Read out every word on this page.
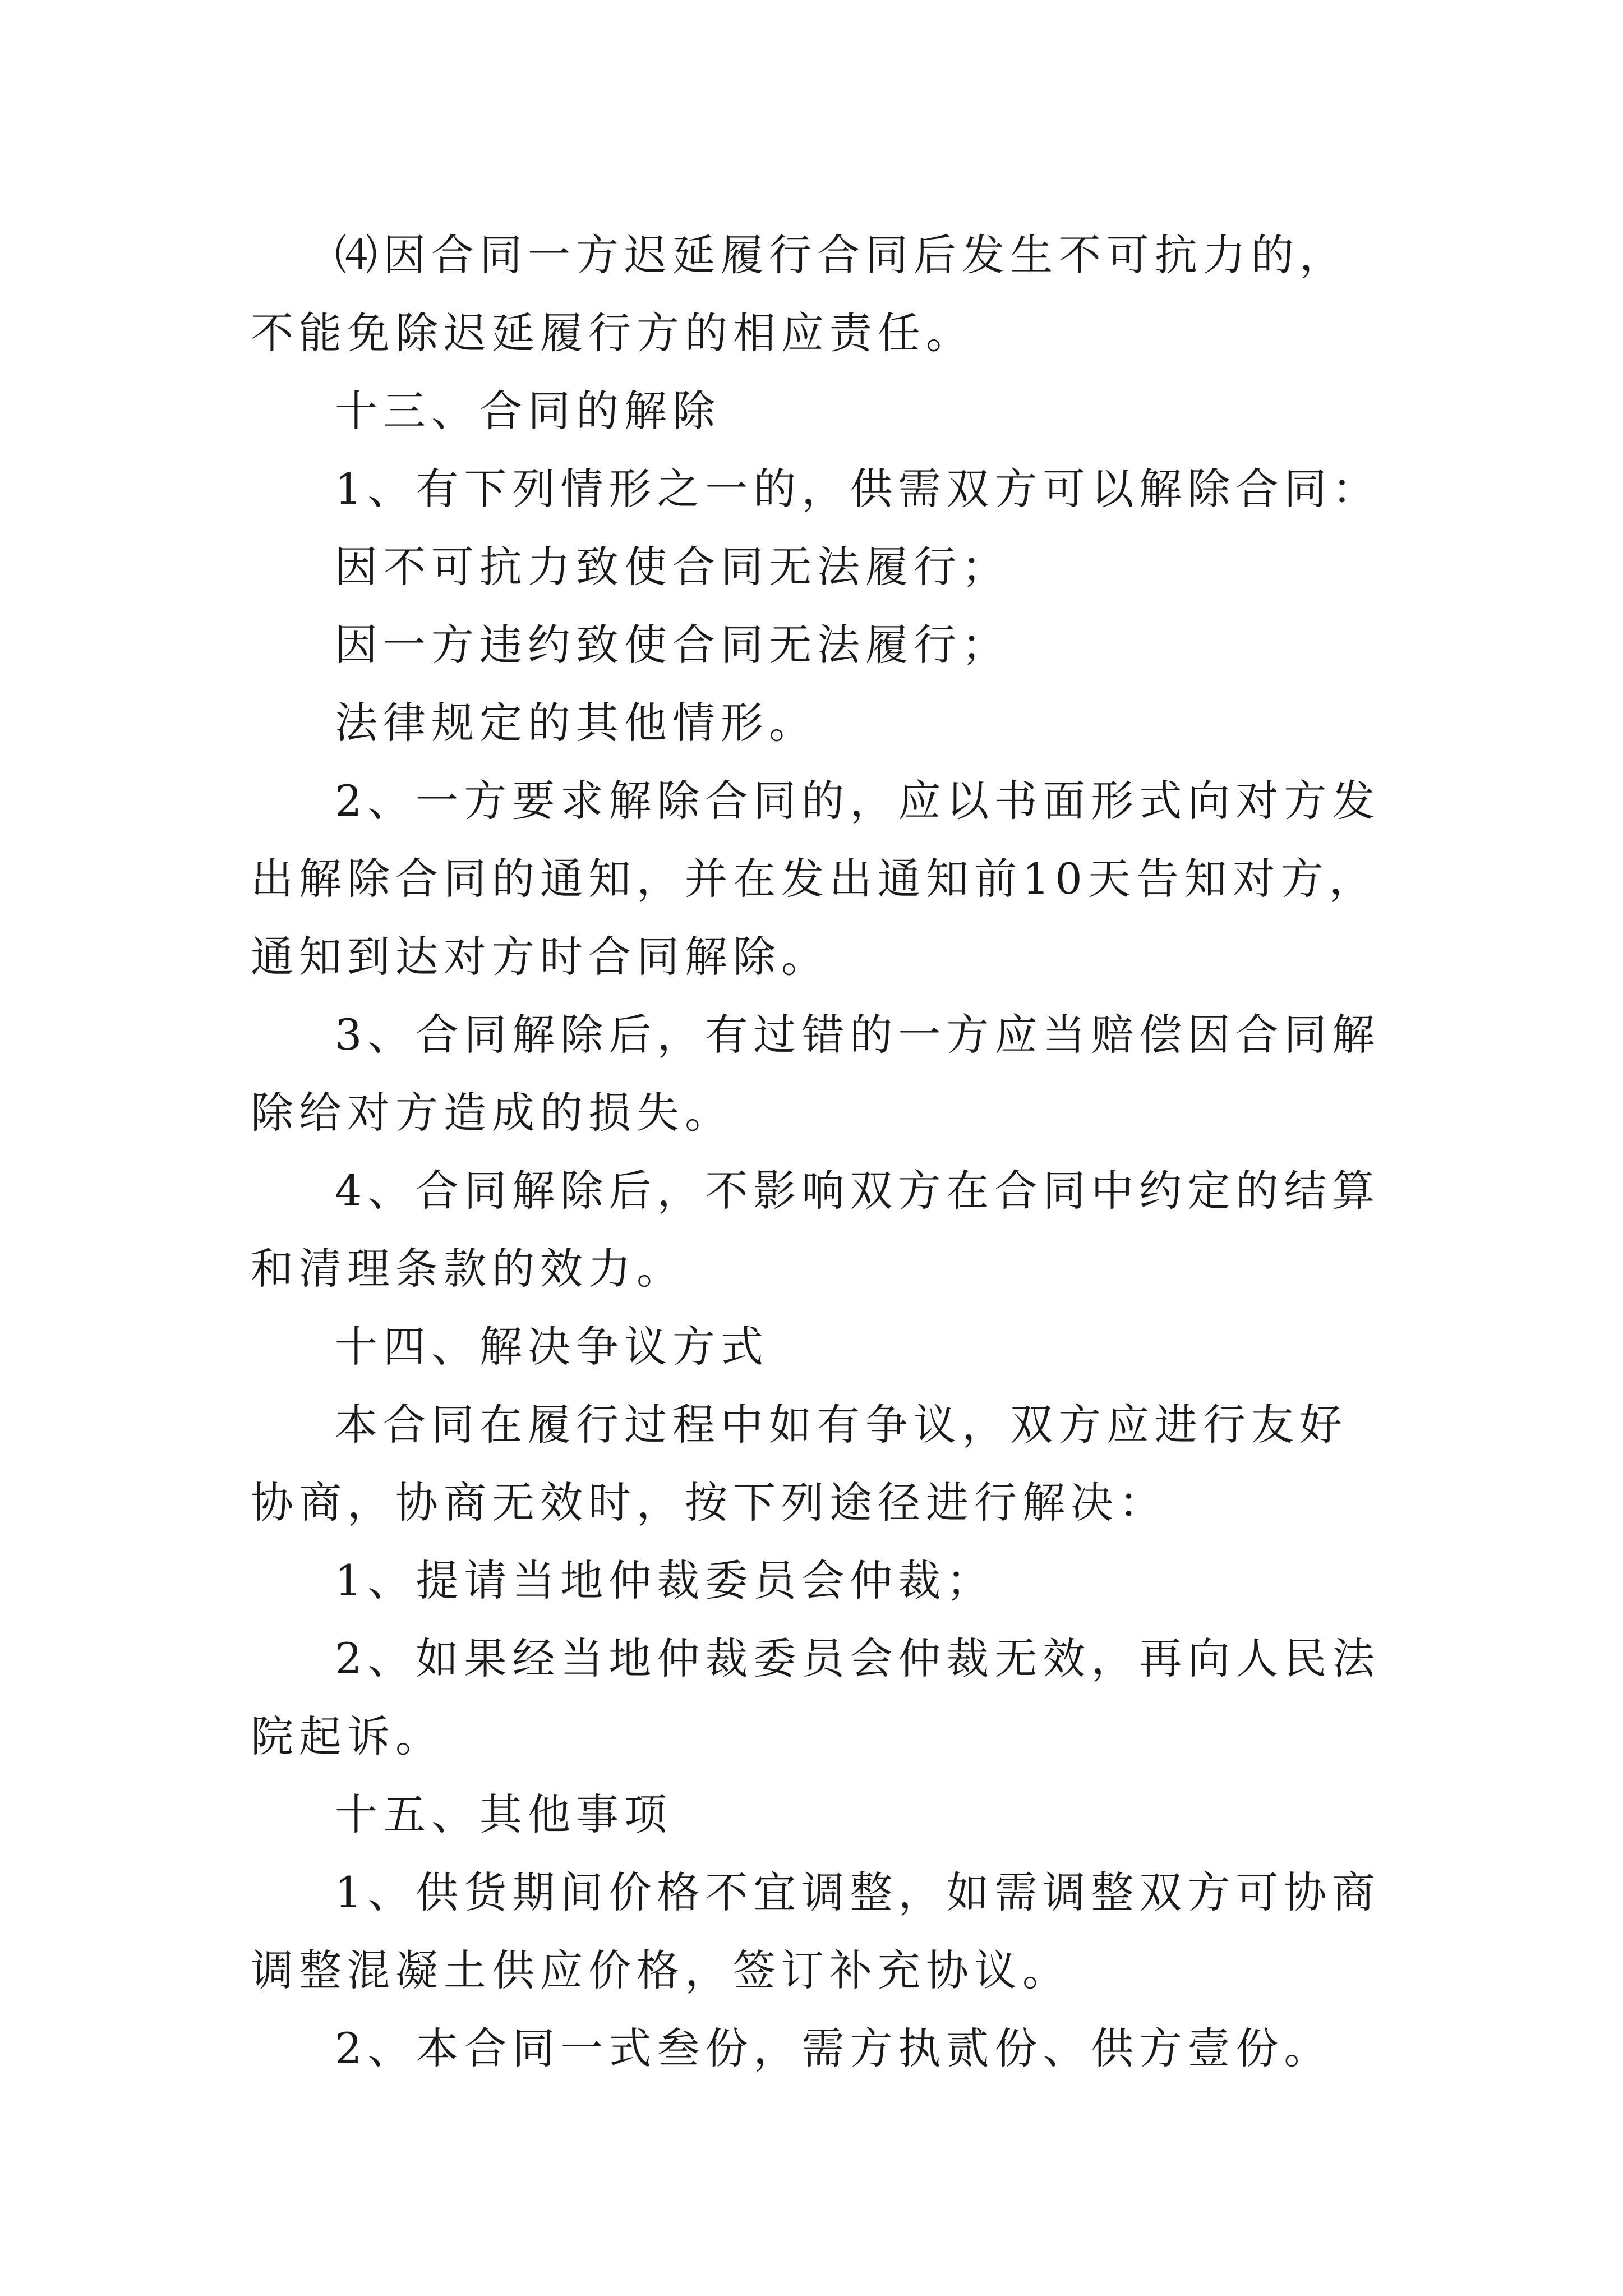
⑷因合同一方迟延履行合同后发生不可抗力的，不能免除迟延履行方的相应责任。

十三、合同的解除

1、有下列情形之一的，供需双方可以解除合同：

因不可抗力致使合同无法履行；

因一方违约致使合同无法履行；

法律规定的其他情形。

2、一方要求解除合同的，应以书面形式向对方发出解除合同的通知，并在发出通知前10天告知对方，通知到达对方时合同解除。

3、合同解除后，有过错的一方应当赔偿因合同解除给对方造成的损失。

4、合同解除后，不影响双方在合同中约定的结算和清理条款的效力。

十四、解决争议方式

本合同在履行过程中如有争议，双方应进行友好协商，协商无效时，按下列途径进行解决：

1、提请当地仲裁委员会仲裁；

2、如果经当地仲裁委员会仲裁无效，再向人民法院起诉。

十五、其他事项

1、供货期间价格不宜调整，如需调整双方可协商调整混凝土供应价格，签订补充协议。

2、本合同一式叁份，需方执贰份、供方壹份。
